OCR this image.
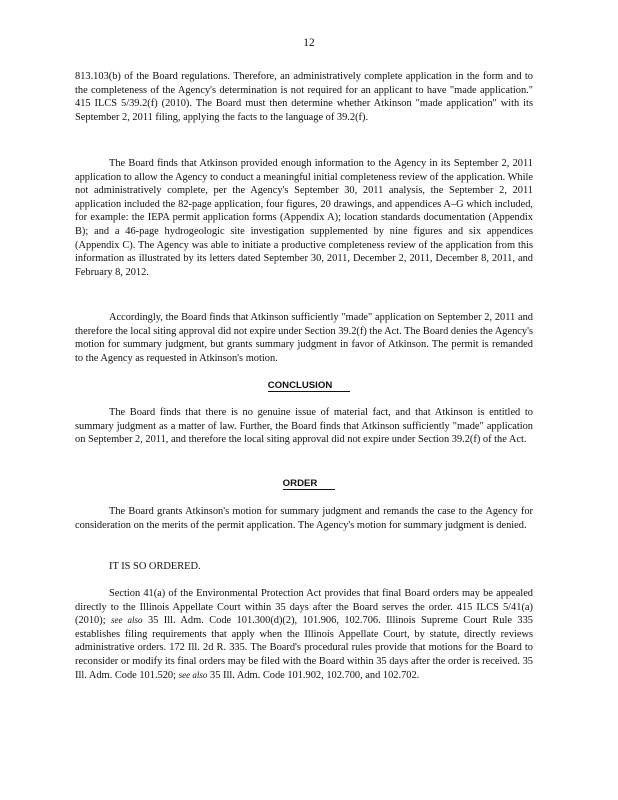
12

813.103(b) of the Board regulations. Therefore, an administratively complete application in the form and to the completeness of the Agency's determination is not required for an applicant to have "made application." 415 ILCS 5/39.2(f) (2010). The Board must then determine whether Atkinson "made application" with its September 2, 2011 filing, applying the facts to the language of 39.2(f).

The Board finds that Atkinson provided enough information to the Agency in its September 2, 2011 application to allow the Agency to conduct a meaningful initial completeness review of the application. While not administratively complete, per the Agency's September 30, 2011 analysis, the September 2, 2011 application included the 82-page application, four figures, 20 drawings, and appendices A–G which included, for example: the IEPA permit application forms (Appendix A); location standards documentation (Appendix B); and a 46-page hydrogeologic site investigation supplemented by nine figures and six appendices (Appendix C). The Agency was able to initiate a productive completeness review of the application from this information as illustrated by its letters dated September 30, 2011, December 2, 2011, December 8, 2011, and February 8, 2012.

Accordingly, the Board finds that Atkinson sufficiently "made" application on September 2, 2011 and therefore the local siting approval did not expire under Section 39.2(f) the Act. The Board denies the Agency's motion for summary judgment, but grants summary judgment in favor of Atkinson. The permit is remanded to the Agency as requested in Atkinson's motion.

CONCLUSION

The Board finds that there is no genuine issue of material fact, and that Atkinson is entitled to summary judgment as a matter of law. Further, the Board finds that Atkinson sufficiently "made" application on September 2, 2011, and therefore the local siting approval did not expire under Section 39.2(f) of the Act.

ORDER

The Board grants Atkinson's motion for summary judgment and remands the case to the Agency for consideration on the merits of the permit application. The Agency's motion for summary judgment is denied.

IT IS SO ORDERED.

Section 41(a) of the Environmental Protection Act provides that final Board orders may be appealed directly to the Illinois Appellate Court within 35 days after the Board serves the order. 415 ILCS 5/41(a) (2010); see also 35 Ill. Adm. Code 101.300(d)(2), 101.906, 102.706. Illinois Supreme Court Rule 335 establishes filing requirements that apply when the Illinois Appellate Court, by statute, directly reviews administrative orders. 172 Ill. 2d R. 335. The Board's procedural rules provide that motions for the Board to reconsider or modify its final orders may be filed with the Board within 35 days after the order is received. 35 Ill. Adm. Code 101.520; see also 35 Ill. Adm. Code 101.902, 102.700, and 102.702.
